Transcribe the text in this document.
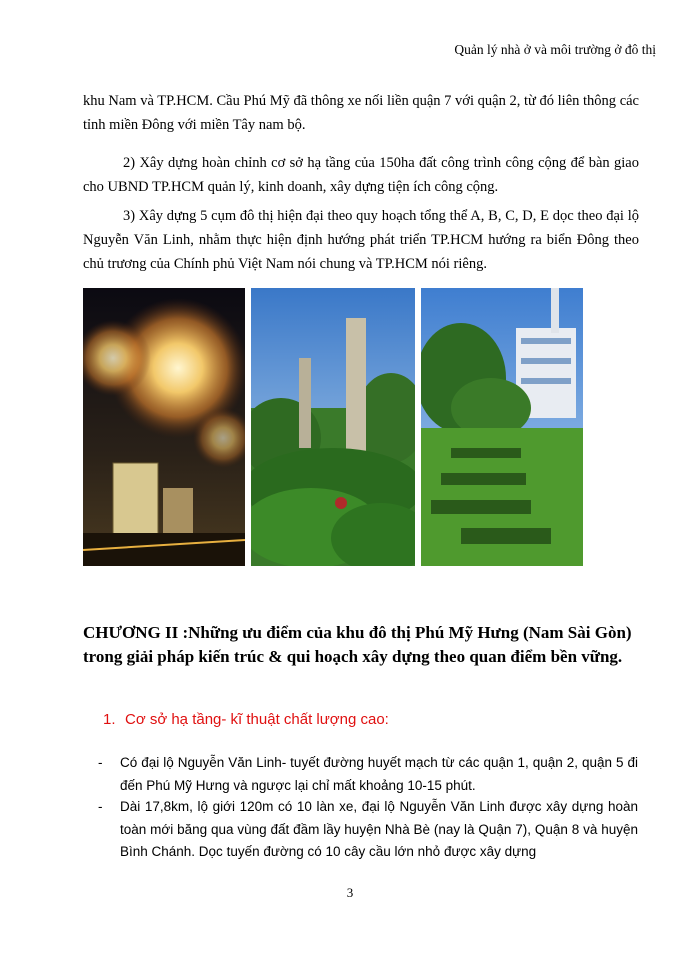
Quản lý nhà ở và môi trường ở đô thị
khu Nam và TP.HCM. Cầu Phú Mỹ đã thông xe nối liền quận 7 với quận 2, từ đó liên thông các tỉnh miền Đông với miền Tây nam bộ.
2) Xây dựng hoàn chỉnh cơ sở hạ tầng của 150ha đất công trình công cộng để bàn giao cho UBND TP.HCM quản lý, kinh doanh, xây dựng tiện ích công cộng.
3) Xây dựng 5 cụm đô thị hiện đại theo quy hoạch tổng thể A, B, C, D, E dọc theo đại lộ Nguyễn Văn Linh, nhằm thực hiện định hướng phát triển TP.HCM hướng ra biển Đông theo chủ trương của Chính phủ Việt Nam nói chung và TP.HCM nói riêng.
CHƯƠNG II :Những ưu điểm của khu đô thị Phú Mỹ Hưng (Nam Sài Gòn) trong giải pháp kiến trúc & qui hoạch xây dựng theo quan điểm bền vững.
1. Cơ sở hạ tầng- kĩ thuật chất lượng cao:
- Có đại lộ Nguyễn Văn Linh- tuyết đường huyết mạch từ các quận 1, quận 2, quận 5 đi đến Phú Mỹ Hưng và ngược lại chỉ mất khoảng 10-15 phút.
- Dài 17,8km, lộ giới 120m có 10 làn xe, đại lộ Nguyễn Văn Linh được xây dựng hoàn toàn mới băng qua vùng đất đầm lầy huyện Nhà Bè (nay là Quận 7), Quận 8 và huyện Bình Chánh. Dọc tuyến đường có 10 cây cầu lớn nhỏ được xây dựng
3
